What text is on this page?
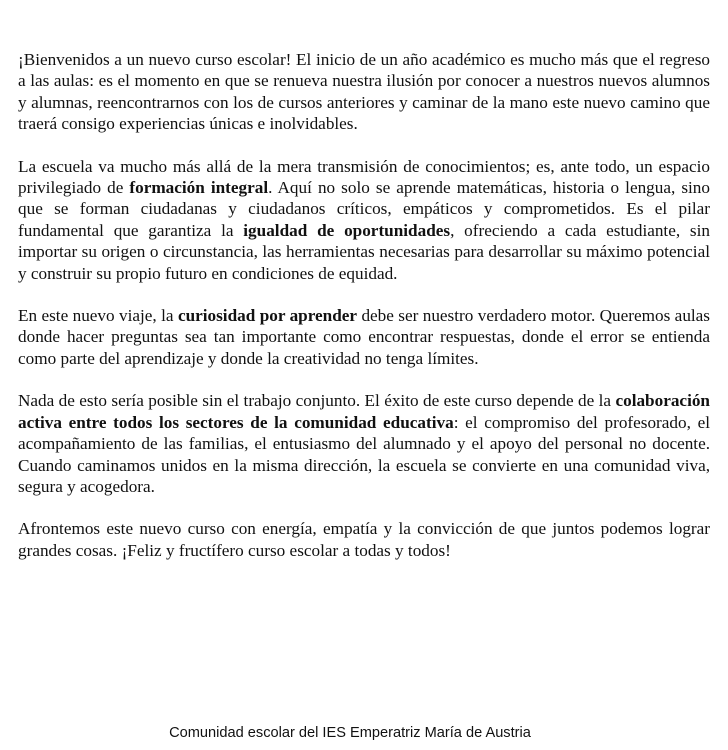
¡Bienvenidos a un nuevo curso escolar! El inicio de un año académico es mucho más que el regreso a las aulas: es el momento en que se renueva nuestra ilusión por conocer a nuestros nuevos alumnos y alumnas, reencontrarnos con los de cursos anteriores y caminar de la mano este nuevo camino que traerá consigo experiencias únicas e inolvidables.

La escuela va mucho más allá de la mera transmisión de conocimientos; es, ante todo, un espacio privilegiado de formación integral. Aquí no solo se aprende matemáticas, historia o lengua, sino que se forman ciudadanas y ciudadanos críticos, empáticos y comprometidos. Es el pilar fundamental que garantiza la igualdad de oportunidades, ofreciendo a cada estudiante, sin importar su origen o circunstancia, las herramientas necesarias para desarrollar su máximo potencial y construir su propio futuro en condiciones de equidad.

En este nuevo viaje, la curiosidad por aprender debe ser nuestro verdadero motor. Queremos aulas donde hacer preguntas sea tan importante como encontrar respuestas, donde el error se entienda como parte del aprendizaje y donde la creatividad no tenga límites.

Nada de esto sería posible sin el trabajo conjunto. El éxito de este curso depende de la colaboración activa entre todos los sectores de la comunidad educativa: el compromiso del profesorado, el acompañamiento de las familias, el entusiasmo del alumnado y el apoyo del personal no docente. Cuando caminamos unidos en la misma dirección, la escuela se convierte en una comunidad viva, segura y acogedora.

Afrontemos este nuevo curso con energía, empatía y la convicción de que juntos podemos lograr grandes cosas. ¡Feliz y fructífero curso escolar a todas y todos!

Comunidad escolar del IES Emperatriz María de Austria
